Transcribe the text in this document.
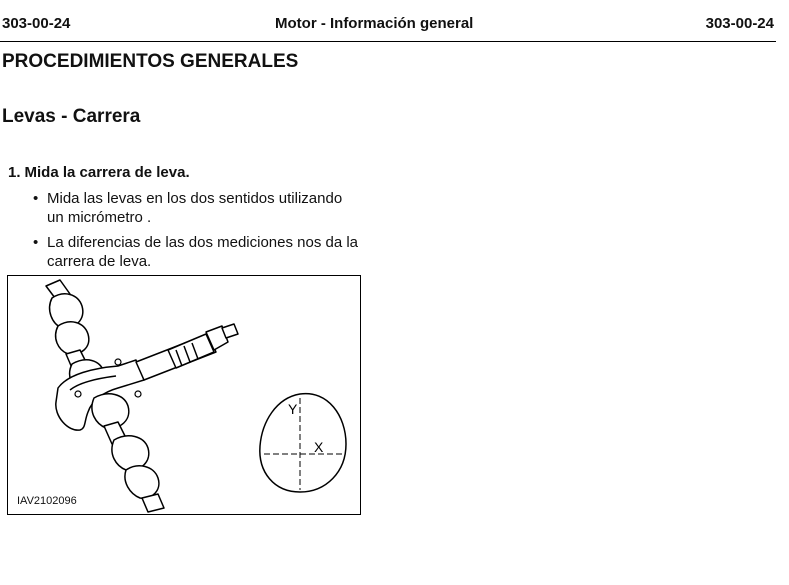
303-00-24	Motor - Información general	303-00-24
PROCEDIMIENTOS GENERALES
Levas - Carrera
1. Mida la carrera de leva.
• Mida las levas en los dos sentidos utilizando un micrómetro .
• La diferencias de las dos mediciones nos da la carrera de leva.
Y
X
IAV2102096
